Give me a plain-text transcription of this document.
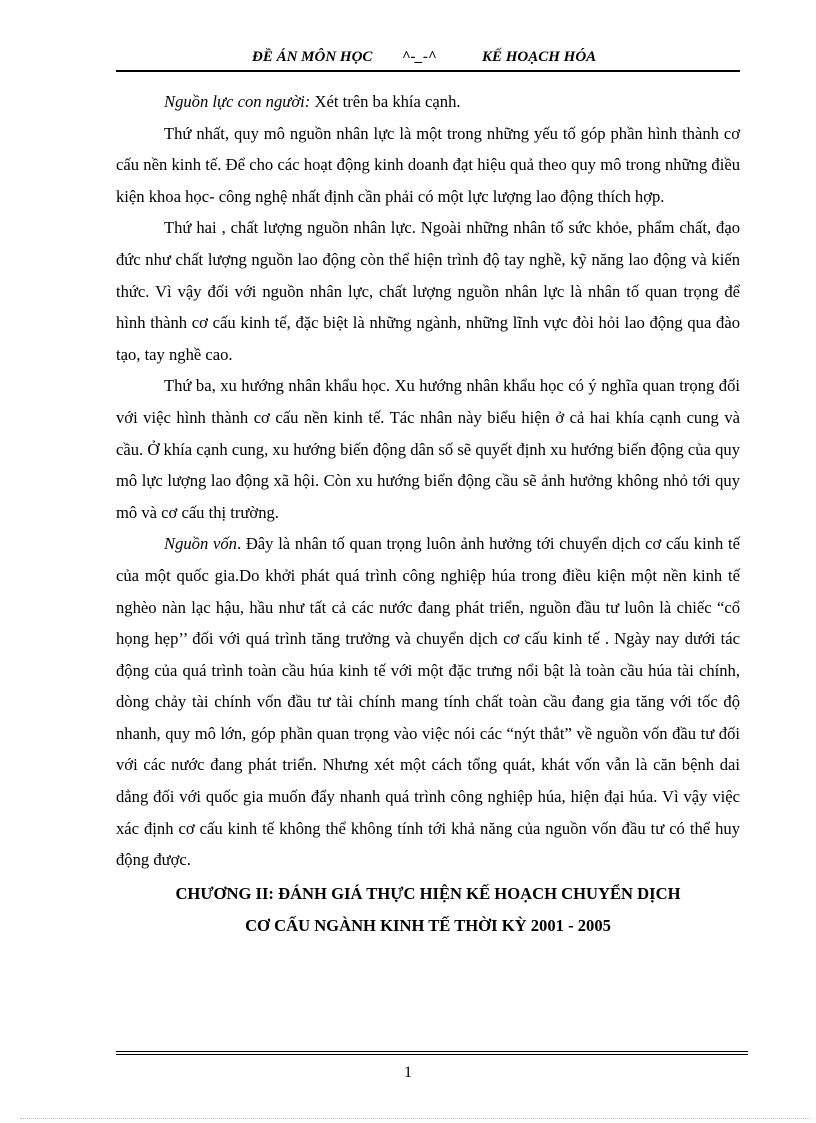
ĐỀ ÁN MÔN HỌC ^-_-^	KẾ HOẠCH HÓA

Nguồn lực con người: Xét trên ba khía cạnh.

Thứ nhất, quy mô nguồn nhân lực là một trong những yếu tố góp phần hình thành cơ cấu nền kinh tế. Để cho các hoạt động kinh doanh đạt hiệu quả theo quy mô trong những điều kiện khoa học- công nghệ nhất định cần phải có một lực lượng lao động thích hợp.

Thứ hai , chất lượng nguồn nhân lực. Ngoài những nhân tố sức khỏe, phẩm chất, đạo đức như chất lượng nguồn lao động còn thể hiện trình độ tay nghề, kỹ năng lao động và kiến thức. Vì vậy đối với nguồn nhân lực, chất lượng nguồn nhân lực là nhân tố quan trọng để hình thành cơ cấu kinh tế, đặc biệt là những ngành, những lĩnh vực đòi hỏi lao động qua đào tạo, tay nghề cao.

Thứ ba, xu hướng nhân khẩu học. Xu hướng nhân khẩu học có ý nghĩa quan trọng đối với việc hình thành cơ cấu nền kinh tế. Tác nhân này biểu hiện ở cả hai khía cạnh cung và cầu. Ở khía cạnh cung, xu hướng biến động dân số sẽ quyết định xu hướng biến động của quy mô lực lượng lao động xã hội. Còn xu hướng biến động cầu sẽ ảnh hưởng không nhỏ tới quy mô và cơ cấu thị trường.

Nguồn vốn. Đây là nhân tố quan trọng luôn ảnh hưởng tới chuyển dịch cơ cấu kinh tế của một quốc gia.Do khởi phát quá trình công nghiệp húa trong điều kiện một nền kinh tế nghèo nàn lạc hậu, hầu như tất cả các nước đang phát triển, nguồn đầu tư luôn là chiếc “cổ họng hẹp’’ đối với quá trình tăng trưởng và chuyển dịch cơ cấu kinh tế . Ngày nay dưới tác động của quá trình toàn cầu húa kinh tế với một đặc trưng nổi bật là toàn cầu húa tài chính, dòng chảy tài chính vốn đầu tư tài chính mang tính chất toàn cầu đang gia tăng với tốc độ nhanh, quy mô lớn, góp phần quan trọng vào việc nói các “nýt thắt” về nguồn vốn đầu tư đối với các nước đang phát triển. Nhưng xét một cách tổng quát, khát vốn vẫn là căn bệnh dai dẳng đối với quốc gia muốn đẩy nhanh quá trình công nghiệp húa, hiện đại húa. Vì vậy việc xác định cơ cấu kinh tế không thể không tính tới khả năng của nguồn vốn đầu tư có thể huy động được.

CHƯƠNG II: ĐÁNH GIÁ THỰC HIỆN KẾ HOẠCH CHUYỂN DỊCH
CƠ CẤU NGÀNH KINH TẾ THỜI KỲ 2001 - 2005
1
